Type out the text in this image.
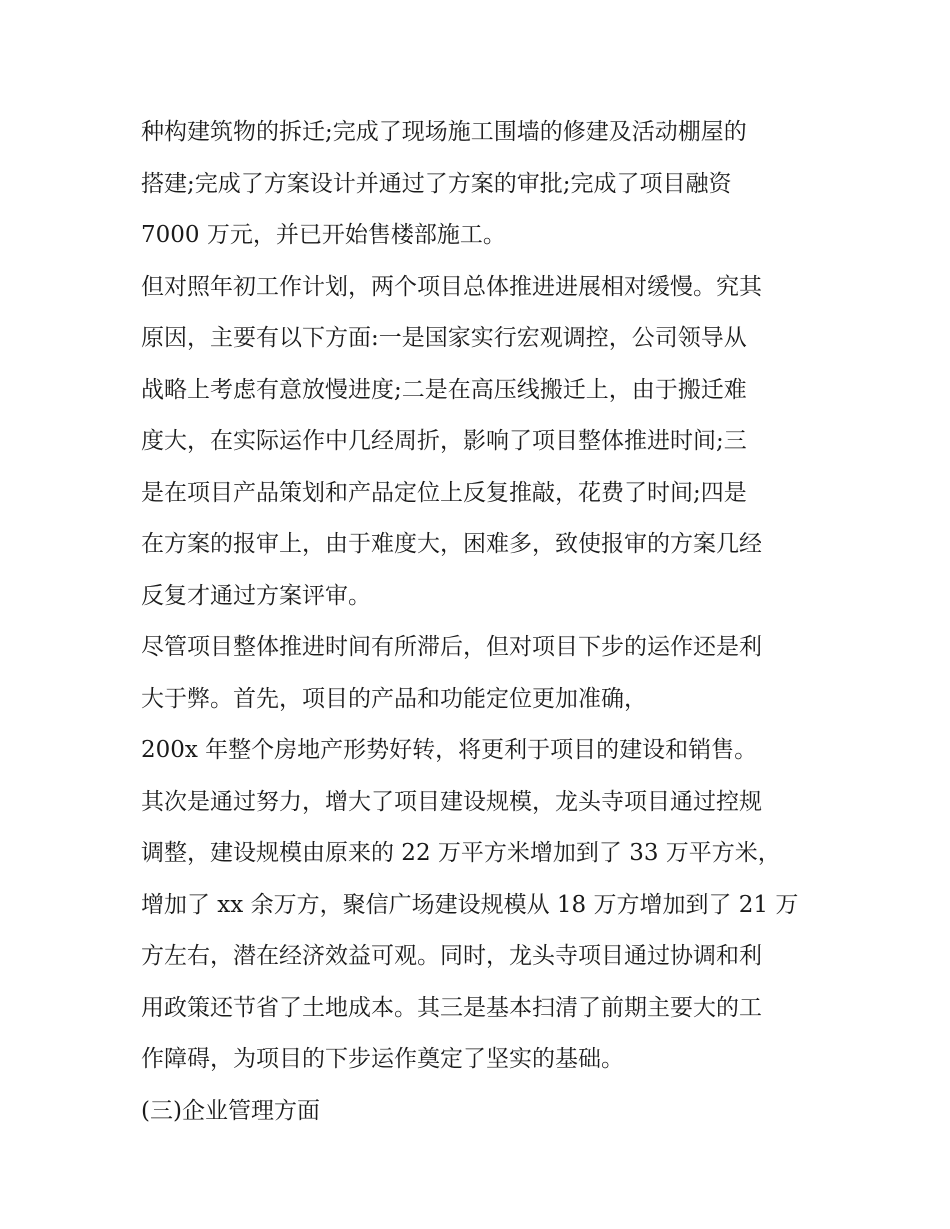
种构建筑物的拆迁;完成了现场施工围墙的修建及活动棚屋的
搭建;完成了方案设计并通过了方案的审批;完成了项目融资
7000 万元，并已开始售楼部施工。
但对照年初工作计划，两个项目总体推进进展相对缓慢。究其
原因，主要有以下方面:一是国家实行宏观调控，公司领导从
战略上考虑有意放慢进度;二是在高压线搬迁上，由于搬迁难
度大，在实际运作中几经周折，影响了项目整体推进时间;三
是在项目产品策划和产品定位上反复推敲，花费了时间;四是
在方案的报审上，由于难度大，困难多，致使报审的方案几经
反复才通过方案评审。
尽管项目整体推进时间有所滞后，但对项目下步的运作还是利
大于弊。首先，项目的产品和功能定位更加准确，
200x 年整个房地产形势好转，将更利于项目的建设和销售。
其次是通过努力，增大了项目建设规模，龙头寺项目通过控规
调整，建设规模由原来的 22 万平方米增加到了 33 万平方米，
增加了 xx 余万方，聚信广场建设规模从 18 万方增加到了 21 万
方左右，潜在经济效益可观。同时，龙头寺项目通过协调和利
用政策还节省了土地成本。其三是基本扫清了前期主要大的工
作障碍，为项目的下步运作奠定了坚实的基础。
(三)企业管理方面
